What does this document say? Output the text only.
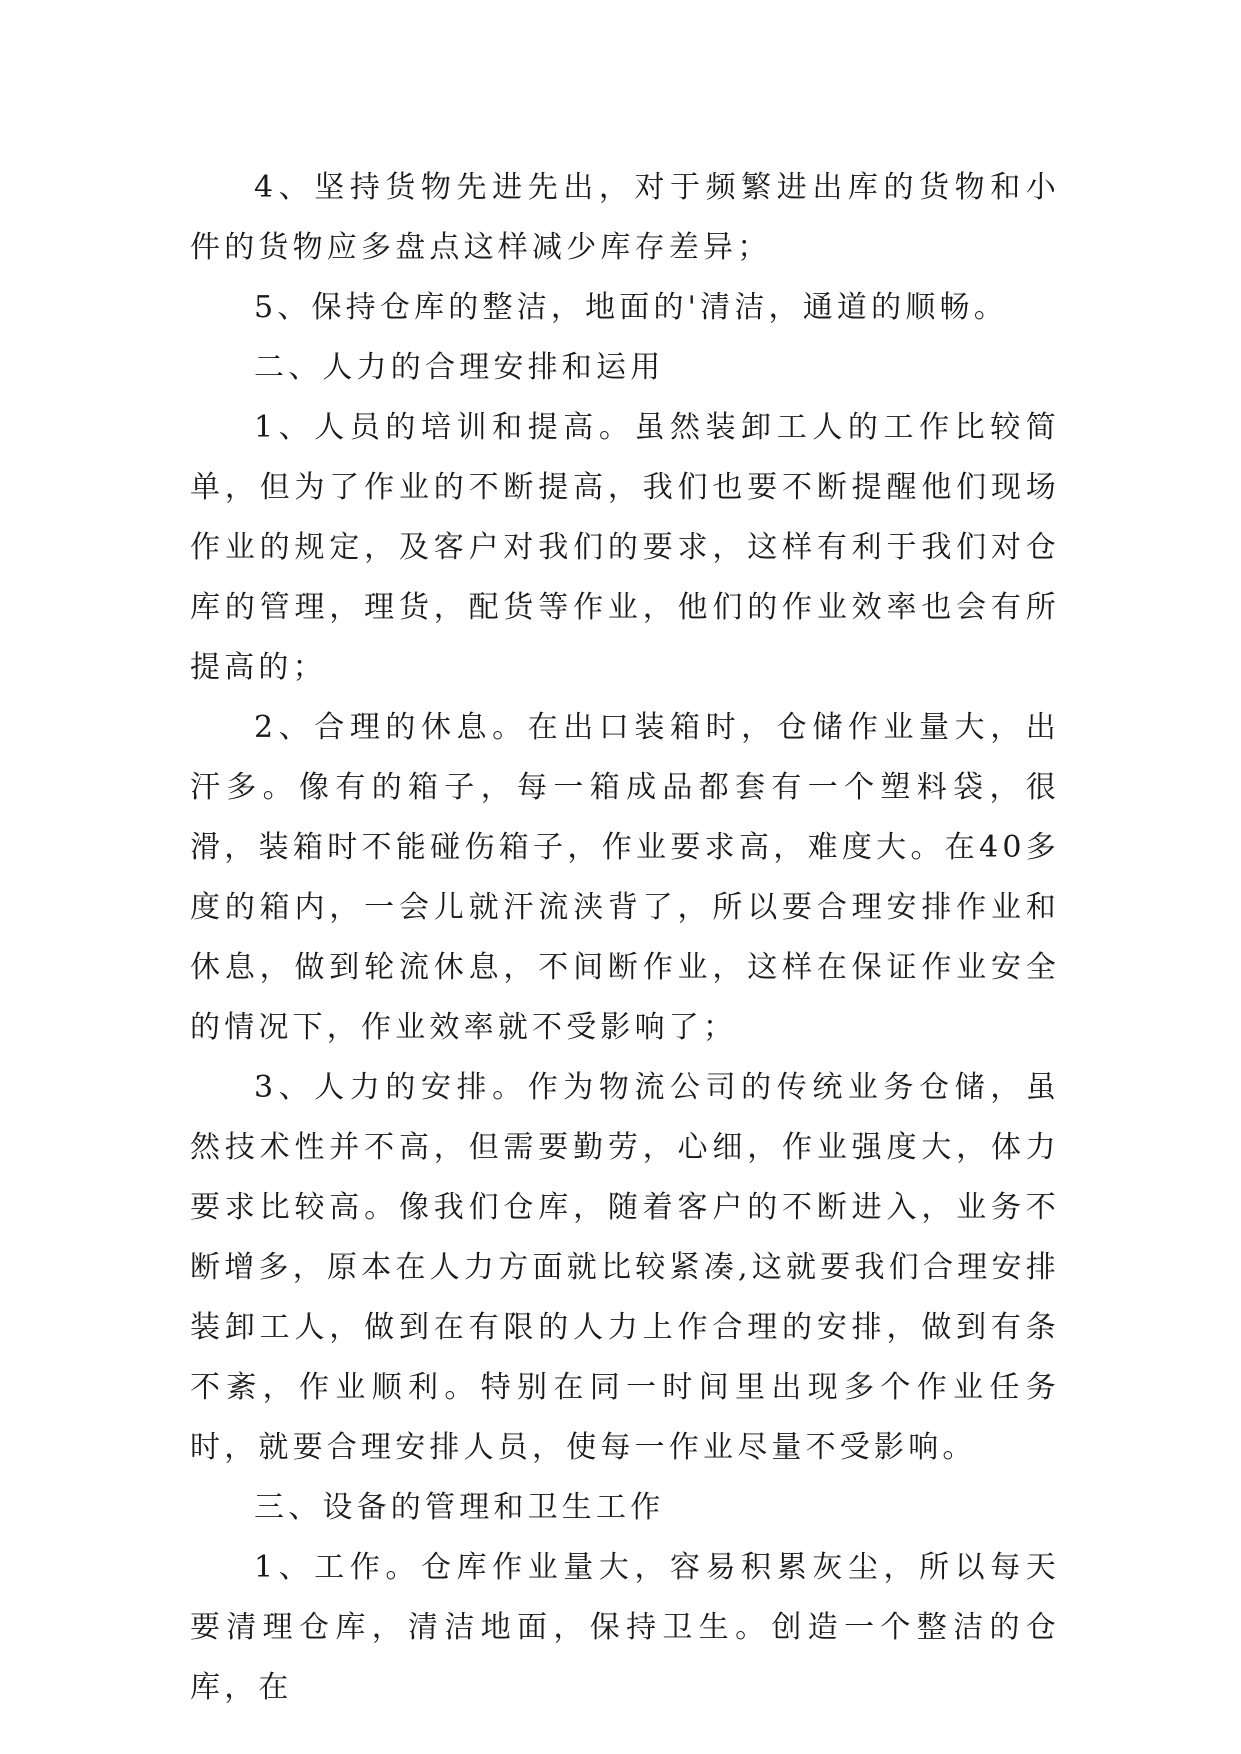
4、坚持货物先进先出，对于频繁进出库的货物和小件的货物应多盘点这样减少库存差异；

5、保持仓库的整洁，地面的'清洁，通道的顺畅。

二、人力的合理安排和运用

1、人员的培训和提高。虽然装卸工人的工作比较简单，但为了作业的不断提高，我们也要不断提醒他们现场作业的规定，及客户对我们的要求，这样有利于我们对仓库的管理，理货，配货等作业，他们的作业效率也会有所提高的；

2、合理的休息。在出口装箱时，仓储作业量大，出汗多。像有的箱子，每一箱成品都套有一个塑料袋，很滑，装箱时不能碰伤箱子，作业要求高，难度大。在40多度的箱内，一会儿就汗流浃背了，所以要合理安排作业和休息，做到轮流休息，不间断作业，这样在保证作业安全的情况下，作业效率就不受影响了；

3、人力的安排。作为物流公司的传统业务仓储，虽然技术性并不高，但需要勤劳，心细，作业强度大，体力要求比较高。像我们仓库，随着客户的不断进入，业务不断增多，原本在人力方面就比较紧凑,这就要我们合理安排装卸工人，做到在有限的人力上作合理的安排，做到有条不紊，作业顺利。特别在同一时间里出现多个作业任务时，就要合理安排人员，使每一作业尽量不受影响。

三、设备的管理和卫生工作

1、工作。仓库作业量大，容易积累灰尘，所以每天要清理仓库，清洁地面，保持卫生。创造一个整洁的仓库，在
